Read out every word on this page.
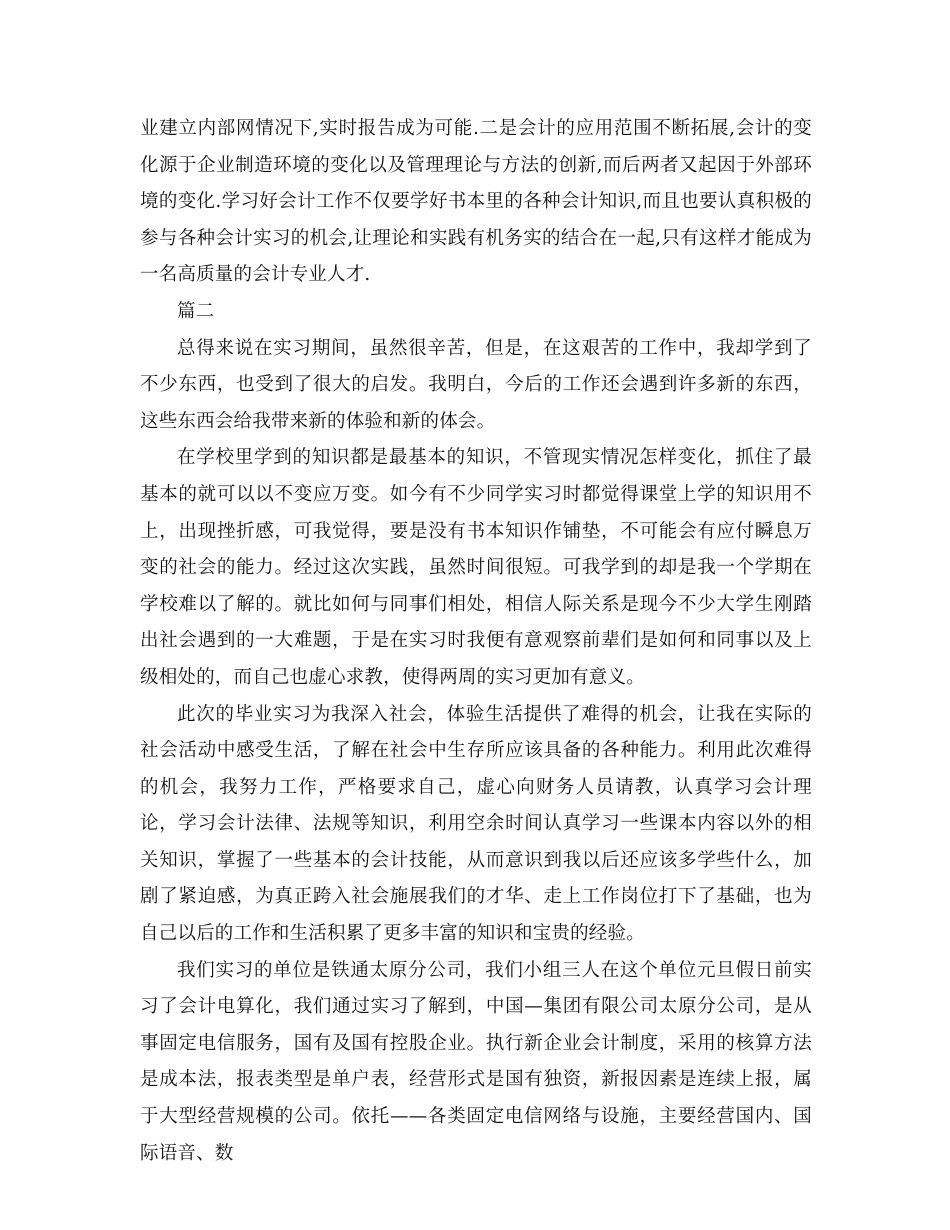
业建立内部网情况下,实时报告成为可能.二是会计的应用范围不断拓展,会计的变化源于企业制造环境的变化以及管理理论与方法的创新,而后两者又起因于外部环境的变化.学习好会计工作不仅要学好书本里的各种会计知识,而且也要认真积极的参与各种会计实习的机会,让理论和实践有机务实的结合在一起,只有这样才能成为一名高质量的会计专业人才.

篇二

总得来说在实习期间，虽然很辛苦，但是，在这艰苦的工作中，我却学到了不少东西，也受到了很大的启发。我明白，今后的工作还会遇到许多新的东西，这些东西会给我带来新的体验和新的体会。

在学校里学到的知识都是最基本的知识，不管现实情况怎样变化，抓住了最基本的就可以以不变应万变。如今有不少同学实习时都觉得课堂上学的知识用不上，出现挫折感，可我觉得，要是没有书本知识作铺垫，不可能会有应付瞬息万变的社会的能力。经过这次实践，虽然时间很短。可我学到的却是我一个学期在学校难以了解的。就比如何与同事们相处，相信人际关系是现今不少大学生刚踏出社会遇到的一大难题，于是在实习时我便有意观察前辈们是如何和同事以及上级相处的，而自己也虚心求教，使得两周的实习更加有意义。

此次的毕业实习为我深入社会，体验生活提供了难得的机会，让我在实际的社会活动中感受生活，了解在社会中生存所应该具备的各种能力。利用此次难得的机会，我努力工作，严格要求自己，虚心向财务人员请教，认真学习会计理论，学习会计法律、法规等知识，利用空余时间认真学习一些课本内容以外的相关知识，掌握了一些基本的会计技能，从而意识到我以后还应该多学些什么，加剧了紧迫感，为真正跨入社会施展我们的才华、走上工作岗位打下了基础，也为自己以后的工作和生活积累了更多丰富的知识和宝贵的经验。

我们实习的单位是铁通太原分公司，我们小组三人在这个单位元旦假日前实习了会计电算化，我们通过实习了解到，中国—集团有限公司太原分公司，是从事固定电信服务，国有及国有控股企业。执行新企业会计制度，采用的核算方法是成本法，报表类型是单户表，经营形式是国有独资，新报因素是连续上报，属于大型经营规模的公司。依托——各类固定电信网络与设施，主要经营国内、国际语音、数
